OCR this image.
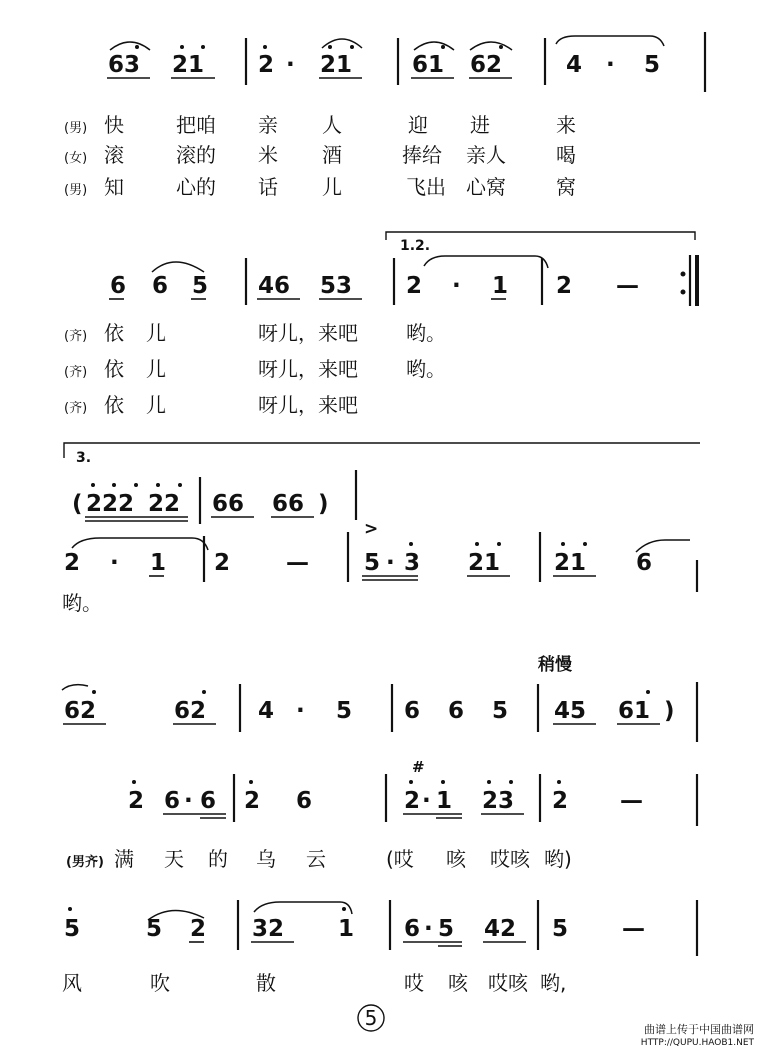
63 21 2 · 21	61 62	4 · 5
(男) 快	把咱 亲 人	迎 进	来
(女) 滚	滚的 米 酒	捧给 亲人	喝
(男) 知	心的 话 儿	飞出 心窝	窝
1.2.
6 6 5 46 53 2 · 1 2 —
(齐) 依 儿	呀儿，来吧 哟。
(齐) 依 儿	呀儿，来吧 哟。
(齐) 依 儿	呀儿，来吧
3.
( 222 22 66 66 )
2 · 1 2 —
>
5 · 3 21 21 6
哟。
稍慢
62	62 4 · 5 6 6 5 45 61 )
2 6 · 6 2 6
#
2 · 1 23 2 —
(男齐) 满 天 的 乌 云	(哎 咳 哎咳 哟)
5	5 2 32 1 6 · 5 42 5 —
风	吹	散	哎 咳 哎咳 哟,
5	曲谱上传于中国曲谱网
HTTP://QUPU.HAOB1.NET
